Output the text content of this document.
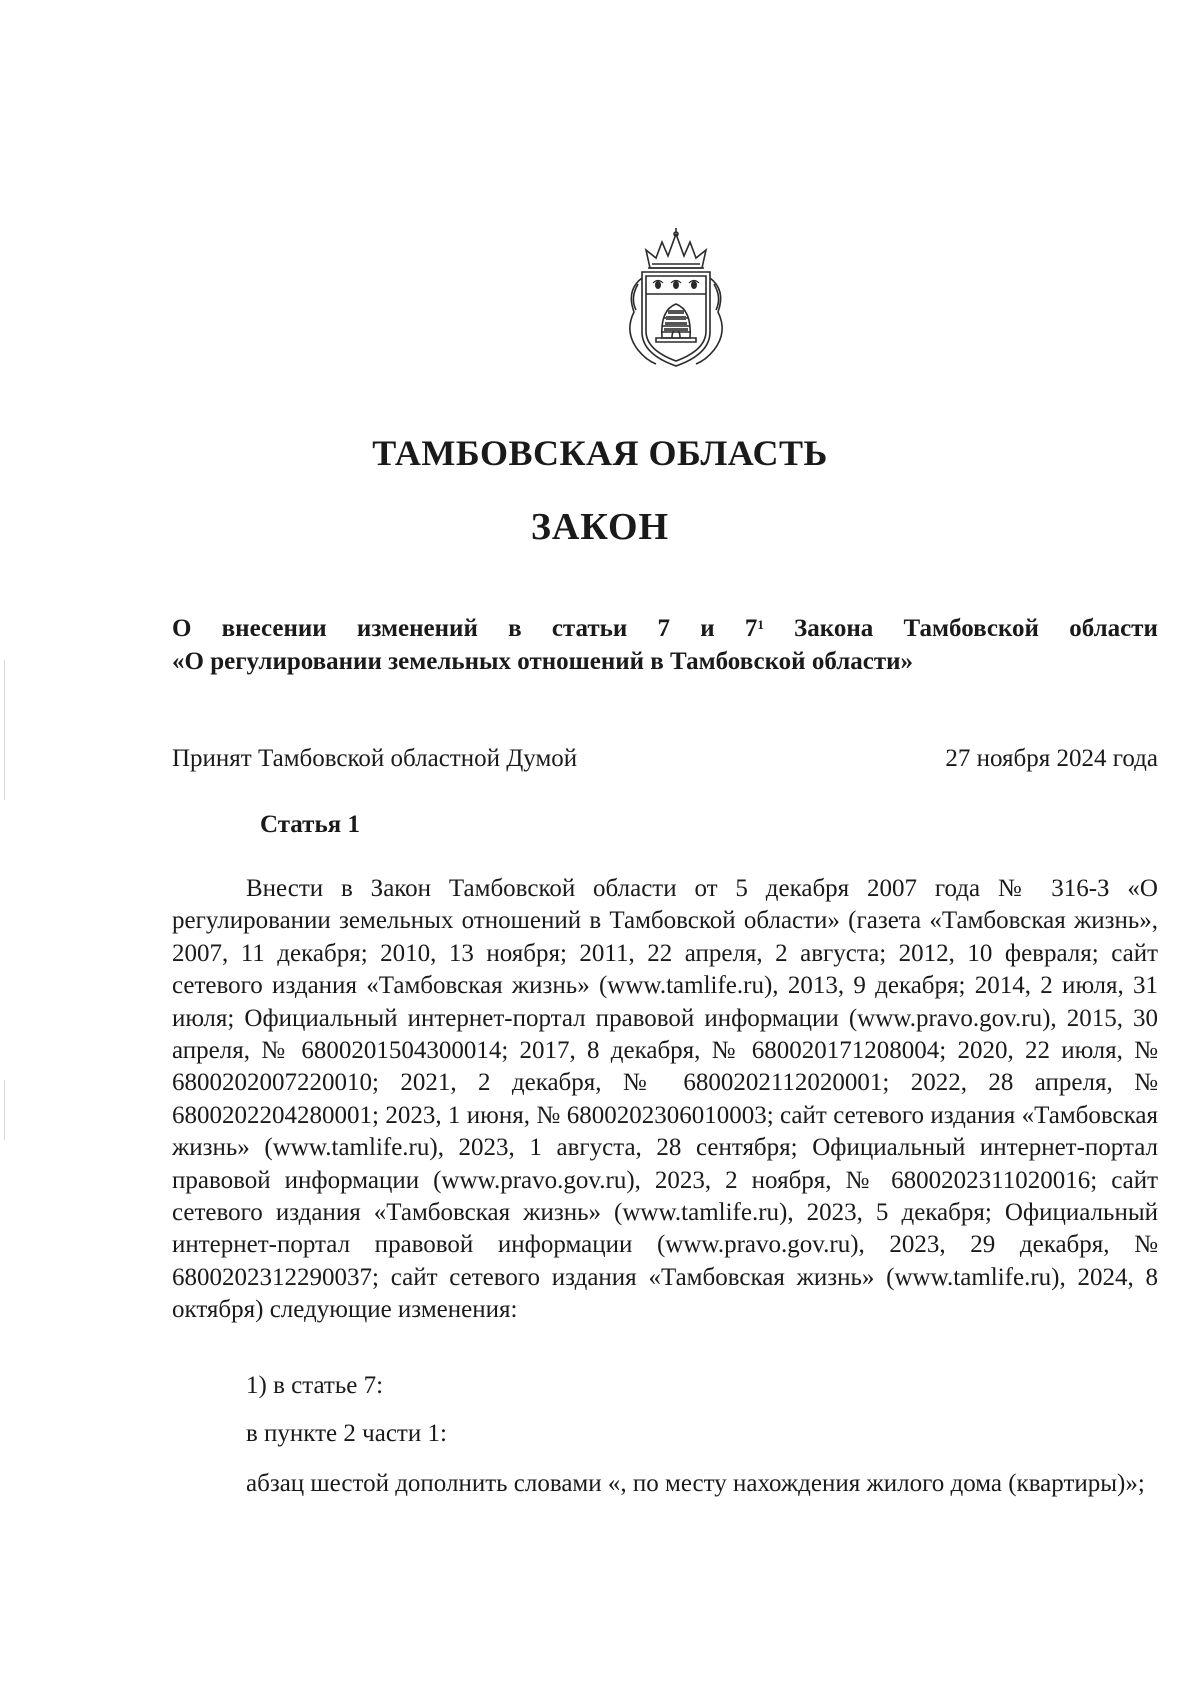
ТАМБОВСКАЯ ОБЛАСТЬ
ЗАКОН
О внесении изменений в статьи 7 и $7^1$ Закона Тамбовской области
«О регулировании земельных отношений в Тамбовской области»
Принят Тамбовской областной Думой	27 ноября 2024 года
Статья 1

Внести в Закон Тамбовской области от 5 декабря 2007 года № 316-З «О регулировании земельных отношений в Тамбовской области» (газета «Тамбовская жизнь», 2007, 11 декабря; 2010, 13 ноября; 2011, 22 апреля, 2 августа; 2012, 10 февраля; сайт сетевого издания «Тамбовская жизнь» (www.tamlife.ru), 2013, 9 декабря; 2014, 2 июля, 31 июля; Официальный интернет-портал правовой информации (www.pravo.gov.ru), 2015, 30 апреля, № 6800201504300014; 2017, 8 декабря, № 680020171208004; 2020, 22 июля, № 6800202007220010; 2021, 2 декабря, № 6800202112020001; 2022, 28 апреля, № 6800202204280001; 2023, 1 июня, № 6800202306010003; сайт сетевого издания «Тамбовская жизнь» (www.tamlife.ru), 2023, 1 августа, 28 сентября; Официальный интернет-портал правовой информации (www.pravo.gov.ru), 2023, 2 ноября, № 6800202311020016; сайт сетевого издания «Тамбовская жизнь» (www.tamlife.ru), 2023, 5 декабря; Официальный интернет-портал правовой информации (www.pravo.gov.ru), 2023, 29 декабря, № 6800202312290037; сайт сетевого издания «Тамбовская жизнь» (www.tamlife.ru), 2024, 8 октября) следующие изменения:

1) в статье 7:
в пункте 2 части 1:

абзац шестой дополнить словами «, по месту нахождения жилого дома (квартиры)»;
